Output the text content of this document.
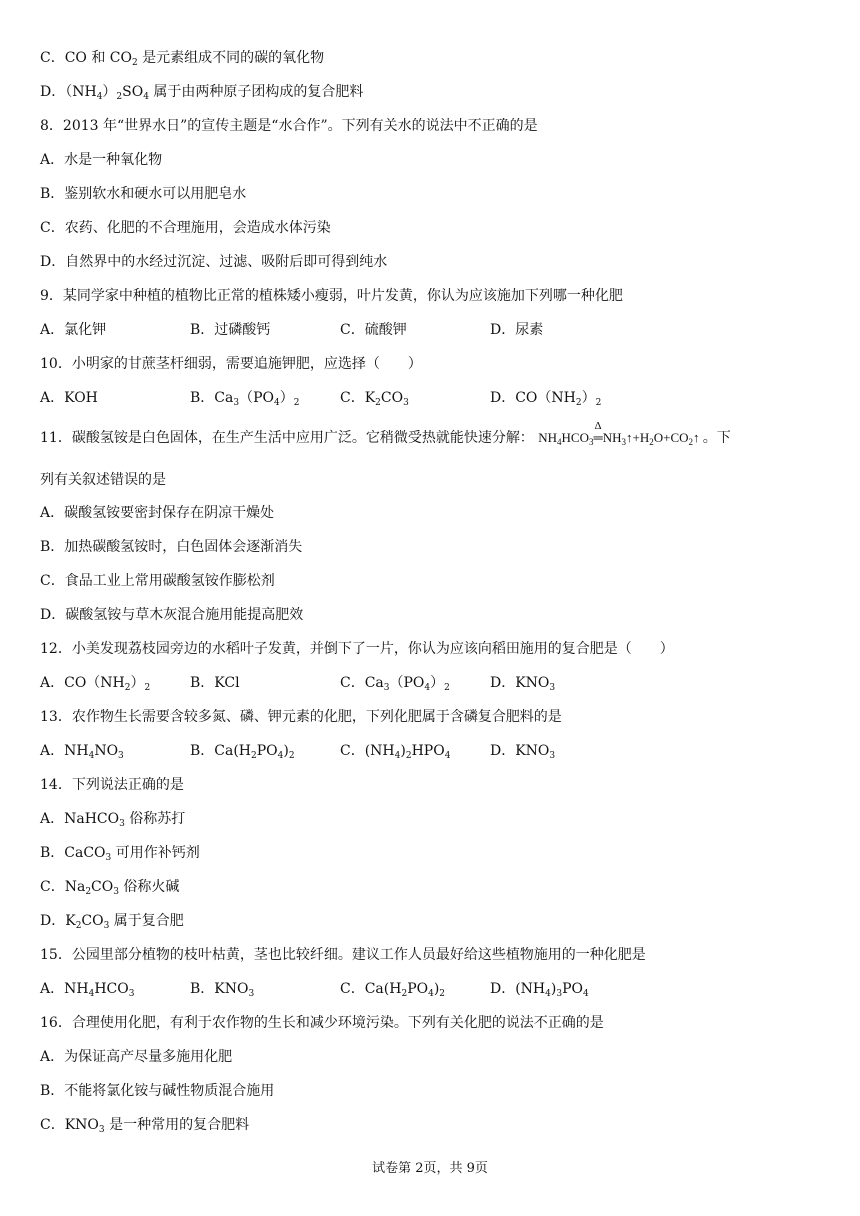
C．CO 和 $CO_2$ 是元素组成不同的碳的氧化物
D．$(NH_4)_2SO_4$ 属于由两种原子团构成的复合肥料
8．2013 年“世界水日”的宣传主题是“水合作”。下列有关水的说法中不正确的是
A．水是一种氧化物
B．鉴别软水和硬水可以用肥皂水
C．农药、化肥的不合理施用，会造成水体污染
D．自然界中的水经过沉淀、过滤、吸附后即可得到纯水
9．某同学家中种植的植物比正常的植株矮小瘦弱，叶片发黄，你认为应该施加下列哪一种化肥
A．氯化钾	B．过磷酸钙	C．硫酸钾	D．尿素
10．小明家的甘蔗茎杆细弱，需要追施钾肥，应选择（　　）
A．KOH	B．$Ca_3(PO_4)_2$	C．$K_2CO_3$	D．$CO(NH_2)_2$
11．碳酸氢铵是白色固体，在生产生活中应用广泛。它稍微受热就能快速分解： $NH_4HCO_3$
Δ
$═NH_3↑+H_2O+CO_2↑$ 。下
列有关叙述错误的是
A．碳酸氢铵要密封保存在阴凉干燥处
B．加热碳酸氢铵时，白色固体会逐渐消失
C．食品工业上常用碳酸氢铵作膨松剂
D．碳酸氢铵与草木灰混合施用能提高肥效
12．小美发现荔枝园旁边的水稻叶子发黄，并倒下了一片，你认为应该向稻田施用的复合肥是（　　）
A．$CO(NH_2)_2$	B．KCl	C．$Ca_3(PO_4)_2$	D．$KNO_3$
13．农作物生长需要含较多氮、磷、钾元素的化肥，下列化肥属于含磷复合肥料的是
A．$NH_4NO_3$	B．$Ca(H_2PO_4)_2$	C．$(NH_4)_2HPO_4$	D．$KNO_3$
14．下列说法正确的是
A．NaHCO$_3$ 俗称苏打
B．CaCO$_3$ 可用作补钙剂
C．$Na_2CO_3$ 俗称火碱
D．$K_2CO_3$ 属于复合肥
15．公园里部分植物的枝叶枯黄，茎也比较纤细。建议工作人员最好给这些植物施用的一种化肥是
A．$NH_4HCO_3$	B．$KNO_3$	C．$Ca(H_2PO_4)_2$	D．$(NH_4)_3PO_4$
16．合理使用化肥，有利于农作物的生长和减少环境污染。下列有关化肥的说法不正确的是
A．为保证高产尽量多施用化肥
B．不能将氯化铵与碱性物质混合施用
C．$KNO_3$ 是一种常用的复合肥料
试卷第 2页，共 9页
